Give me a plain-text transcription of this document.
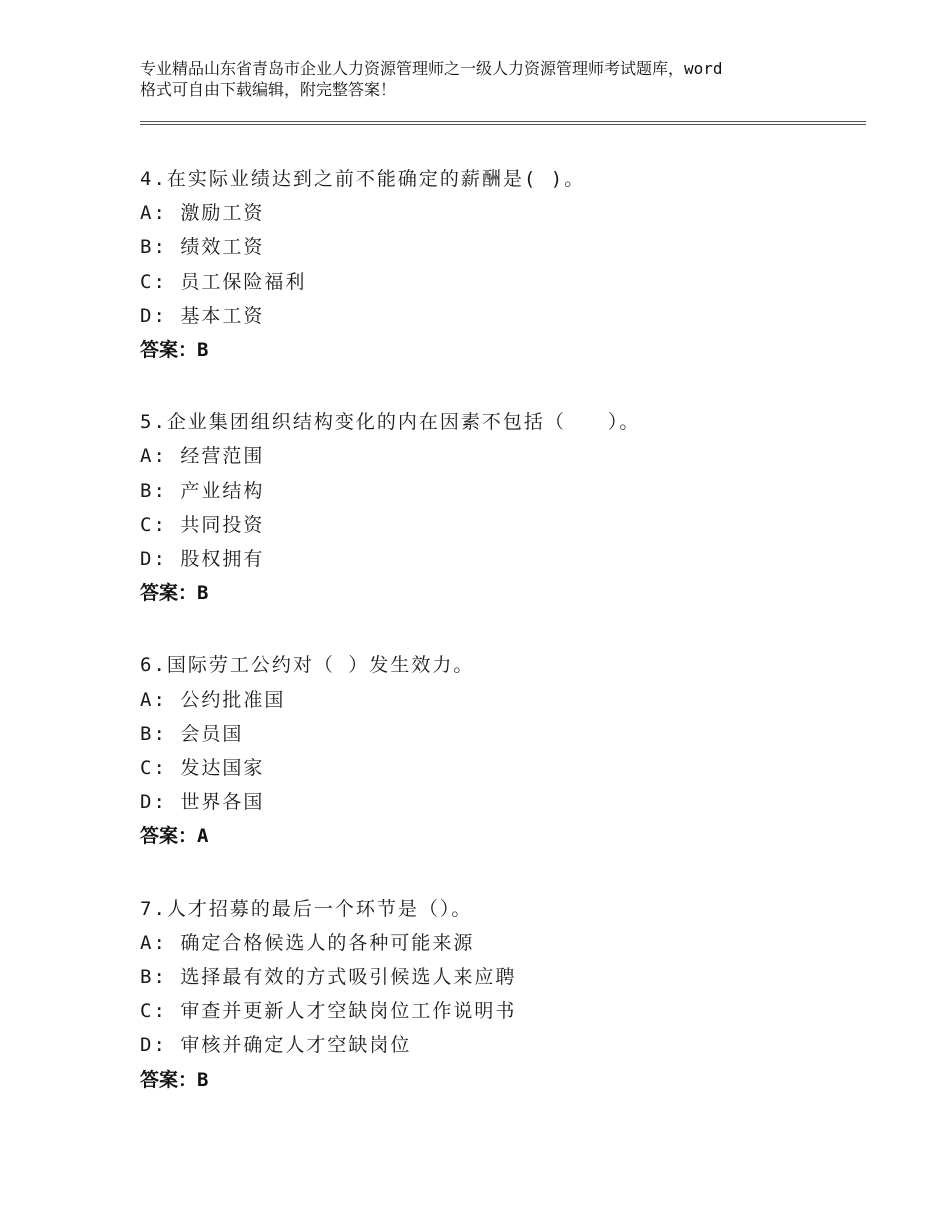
专业精品山东省青岛市企业人力资源管理师之一级人力资源管理师考试题库，word
格式可自由下载编辑，附完整答案！
4.在实际业绩达到之前不能确定的薪酬是( )。
A: 激励工资
B: 绩效工资
C: 员工保险福利
D: 基本工资
答案：B
5.企业集团组织结构变化的内在因素不包括（　　）。
A: 经营范围
B: 产业结构
C: 共同投资
D: 股权拥有
答案：B
6.国际劳工公约对（ ）发生效力。
A: 公约批准国
B: 会员国
C: 发达国家
D: 世界各国
答案：A
7.人才招募的最后一个环节是（）。
A: 确定合格候选人的各种可能来源
B: 选择最有效的方式吸引候选人来应聘
C: 审查并更新人才空缺岗位工作说明书
D: 审核并确定人才空缺岗位
答案：B
